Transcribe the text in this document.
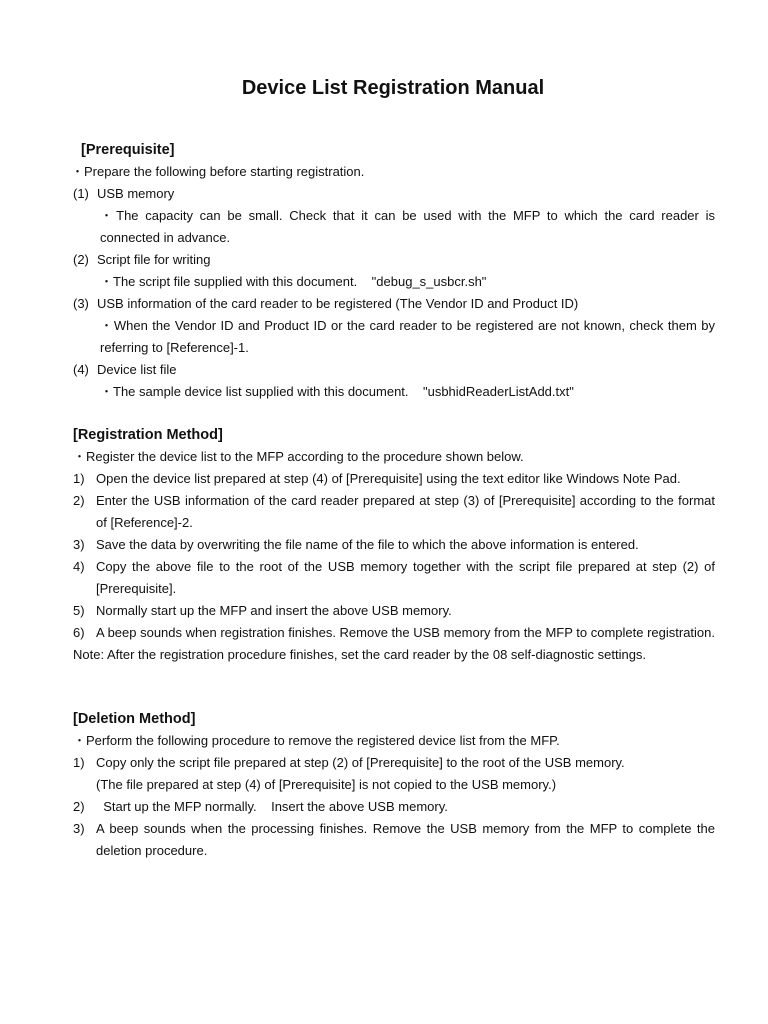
Device List Registration Manual

[Prerequisite]

・Prepare the following before starting registration.

(1) USB memory

・The capacity can be small. Check that it can be used with the MFP to which the card reader is connected in advance.

(2) Script file for writing

・The script file supplied with this document.    "debug_s_usbcr.sh"

(3) USB information of the card reader to be registered (The Vendor ID and Product ID)

・When the Vendor ID and Product ID or the card reader to be registered are not known, check them by referring to [Reference]-1.

(4) Device list file

・The sample device list supplied with this document.    "usbhidReaderListAdd.txt"

[Registration Method]

・Register the device list to the MFP according to the procedure shown below.

1) Open the device list prepared at step (4) of [Prerequisite] using the text editor like Windows Note Pad.
2) Enter the USB information of the card reader prepared at step (3) of [Prerequisite] according to the format of [Reference]-2.
3) Save the data by overwriting the file name of the file to which the above information is entered.
4) Copy the above file to the root of the USB memory together with the script file prepared at step (2) of [Prerequisite].
5) Normally start up the MFP and insert the above USB memory.
6) A beep sounds when registration finishes. Remove the USB memory from the MFP to complete registration.

Note: After the registration procedure finishes, set the card reader by the 08 self-diagnostic settings.

[Deletion Method]

・Perform the following procedure to remove the registered device list from the MFP.

1) Copy only the script file prepared at step (2) of [Prerequisite] to the root of the USB memory.
(The file prepared at step (4) of [Prerequisite] is not copied to the USB memory.)
2) Start up the MFP normally.    Insert the above USB memory.
3) A beep sounds when the processing finishes. Remove the USB memory from the MFP to complete the deletion procedure.
